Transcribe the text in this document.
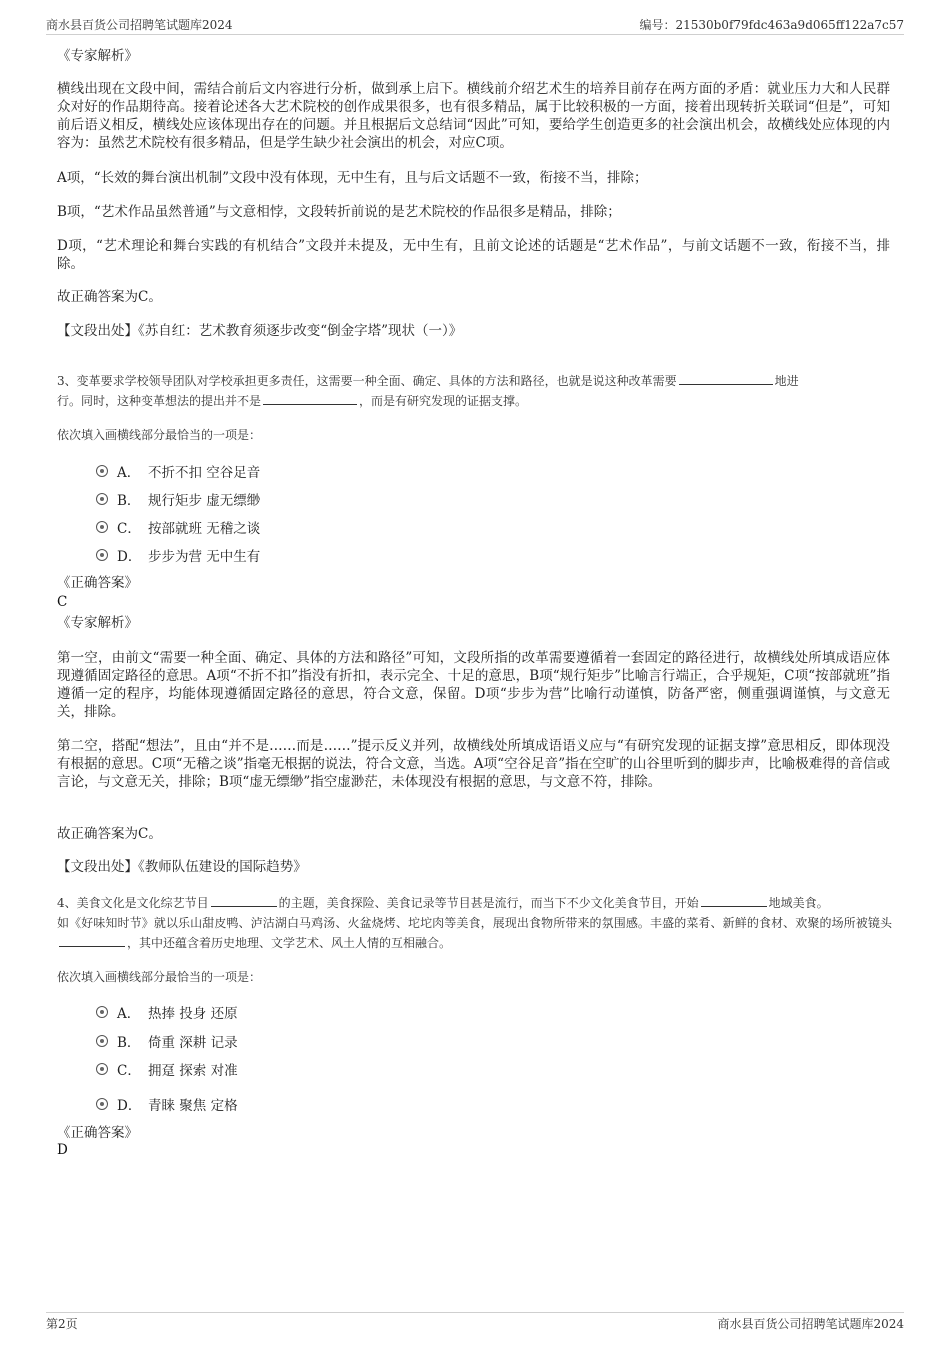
商水县百货公司招聘笔试题库2024	编号：21530b0f79fdc463a9d065ff122a7c57
《专家解析》
横线出现在文段中间，需结合前后文内容进行分析，做到承上启下。横线前介绍艺术生的培养目前存在两方面的矛盾：就业压力大和人民群众对好的作品期待高。接着论述各大艺术院校的创作成果很多，也有很多精品，属于比较积极的一方面，接着出现转折关联词“但是”，可知前后语义相反，横线处应该体现出存在的问题。并且根据后文总结词“因此”可知，要给学生创造更多的社会演出机会，故横线处应体现的内容为：虽然艺术院校有很多精品，但是学生缺少社会演出的机会，对应C项。
A项，“长效的舞台演出机制”文段中没有体现，无中生有，且与后文话题不一致，衔接不当，排除；
B项，“艺术作品虽然普通”与文意相悖，文段转折前说的是艺术院校的作品很多是精品，排除；
D项，“艺术理论和舞台实践的有机结合”文段并未提及，无中生有，且前文论述的话题是“艺术作品”，与前文话题不一致，衔接不当，排除。
故正确答案为C。
【文段出处】《苏自红：艺术教育须逐步改变“倒金字塔”现状（一）》
3、变革要求学校领导团队对学校承担更多责任，这需要一种全面、确定、具体的方法和路径，也就是说这种改革需要	地进
行。同时，这种变革想法的提出并不是	，而是有研究发现的证据支撑。
依次填入画横线部分最恰当的一项是：
A． 不折不扣 空谷足音
B． 规行矩步 虚无缥缈
C． 按部就班 无稽之谈
D． 步步为营 无中生有
《正确答案》
C
《专家解析》
第一空，由前文“需要一种全面、确定、具体的方法和路径”可知，文段所指的改革需要遵循着一套固定的路径进行，故横线处所填成语应体现遵循固定路径的意思。A项“不折不扣”指没有折扣，表示完全、十足的意思，B项“规行矩步”比喻言行端正，合乎规矩，C项“按部就班”指遵循一定的程序，均能体现遵循固定路径的意思，符合文意，保留。D项“步步为营”比喻行动谨慎，防备严密，侧重强调谨慎，与文意无关，排除。
第二空，搭配“想法”，且由“并不是……而是……”提示反义并列，故横线处所填成语语义应与“有研究发现的证据支撑”意思相反，即体现没有根据的意思。C项“无稽之谈”指毫无根据的说法，符合文意，当选。A项“空谷足音”指在空旷的山谷里听到的脚步声，比喻极难得的音信或言论，与文意无关，排除；B项“虚无缥缈”指空虚渺茫，未体现没有根据的意思，与文意不符，排除。
故正确答案为C。
【文段出处】《教师队伍建设的国际趋势》
4、美食文化是文化综艺节目	的主题，美食探险、美食记录等节目甚是流行，而当下不少文化美食节目，开始	地域美食。
如《好味知时节》就以乐山甜皮鸭、泸沽湖白马鸡汤、火盆烧烤、坨坨肉等美食，展现出食物所带来的氛围感。丰盛的菜肴、新鲜的食材、欢聚的场所被镜头，其中还蕴含着历史地理、文学艺术、风土人情的互相融合。
依次填入画横线部分最恰当的一项是：
A． 热捧 投身 还原
B． 倚重 深耕 记录
C． 拥趸 探索 对准
D． 青睐 聚焦 定格
《正确答案》
D
第2页	商水县百货公司招聘笔试题库2024
